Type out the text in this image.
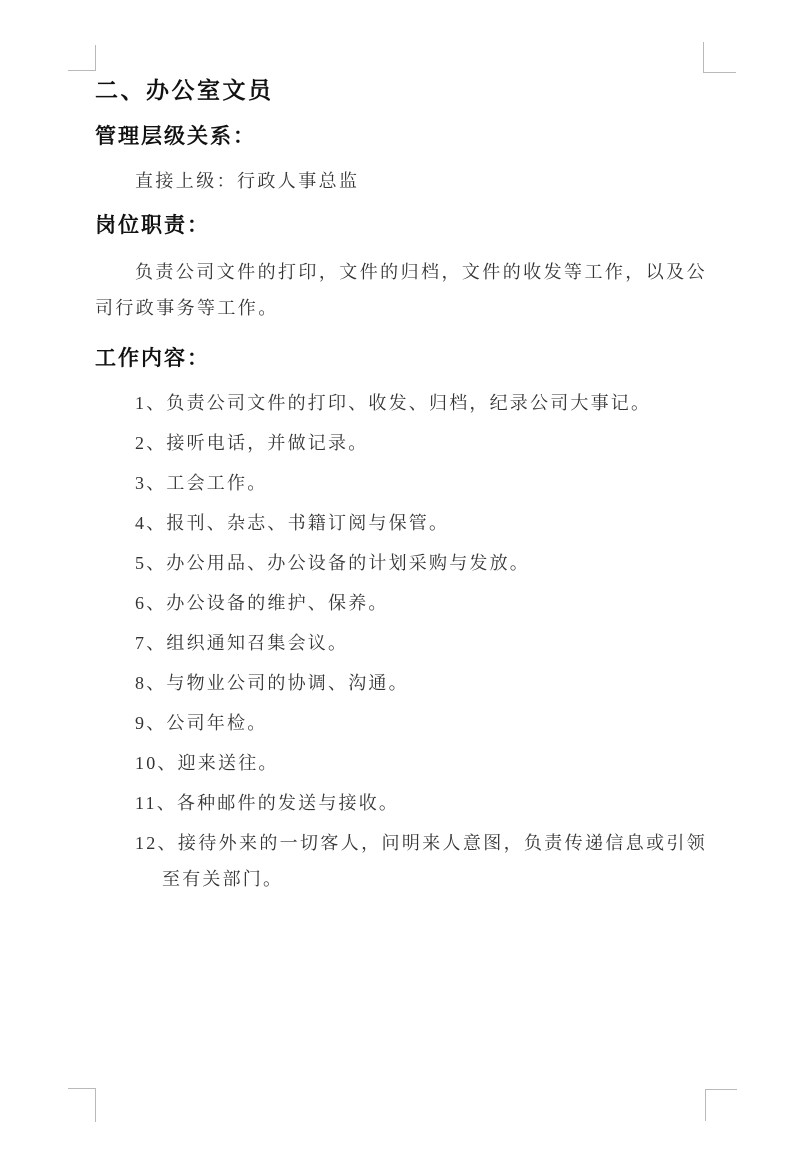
二、办公室文员
管理层级关系：

直接上级：行政人事总监

岗位职责：

负责公司文件的打印，文件的归档，文件的收发等工作，以及公司行政事务等工作。

工作内容：
1、负责公司文件的打印、收发、归档，纪录公司大事记。
2、接听电话，并做记录。
3、工会工作。
4、报刊、杂志、书籍订阅与保管。
5、办公用品、办公设备的计划采购与发放。
6、办公设备的维护、保养。
7、组织通知召集会议。
8、与物业公司的协调、沟通。
9、公司年检。
10、迎来送往。
11、各种邮件的发送与接收。
12、接待外来的一切客人，问明来人意图，负责传递信息或引领至有关部门。
